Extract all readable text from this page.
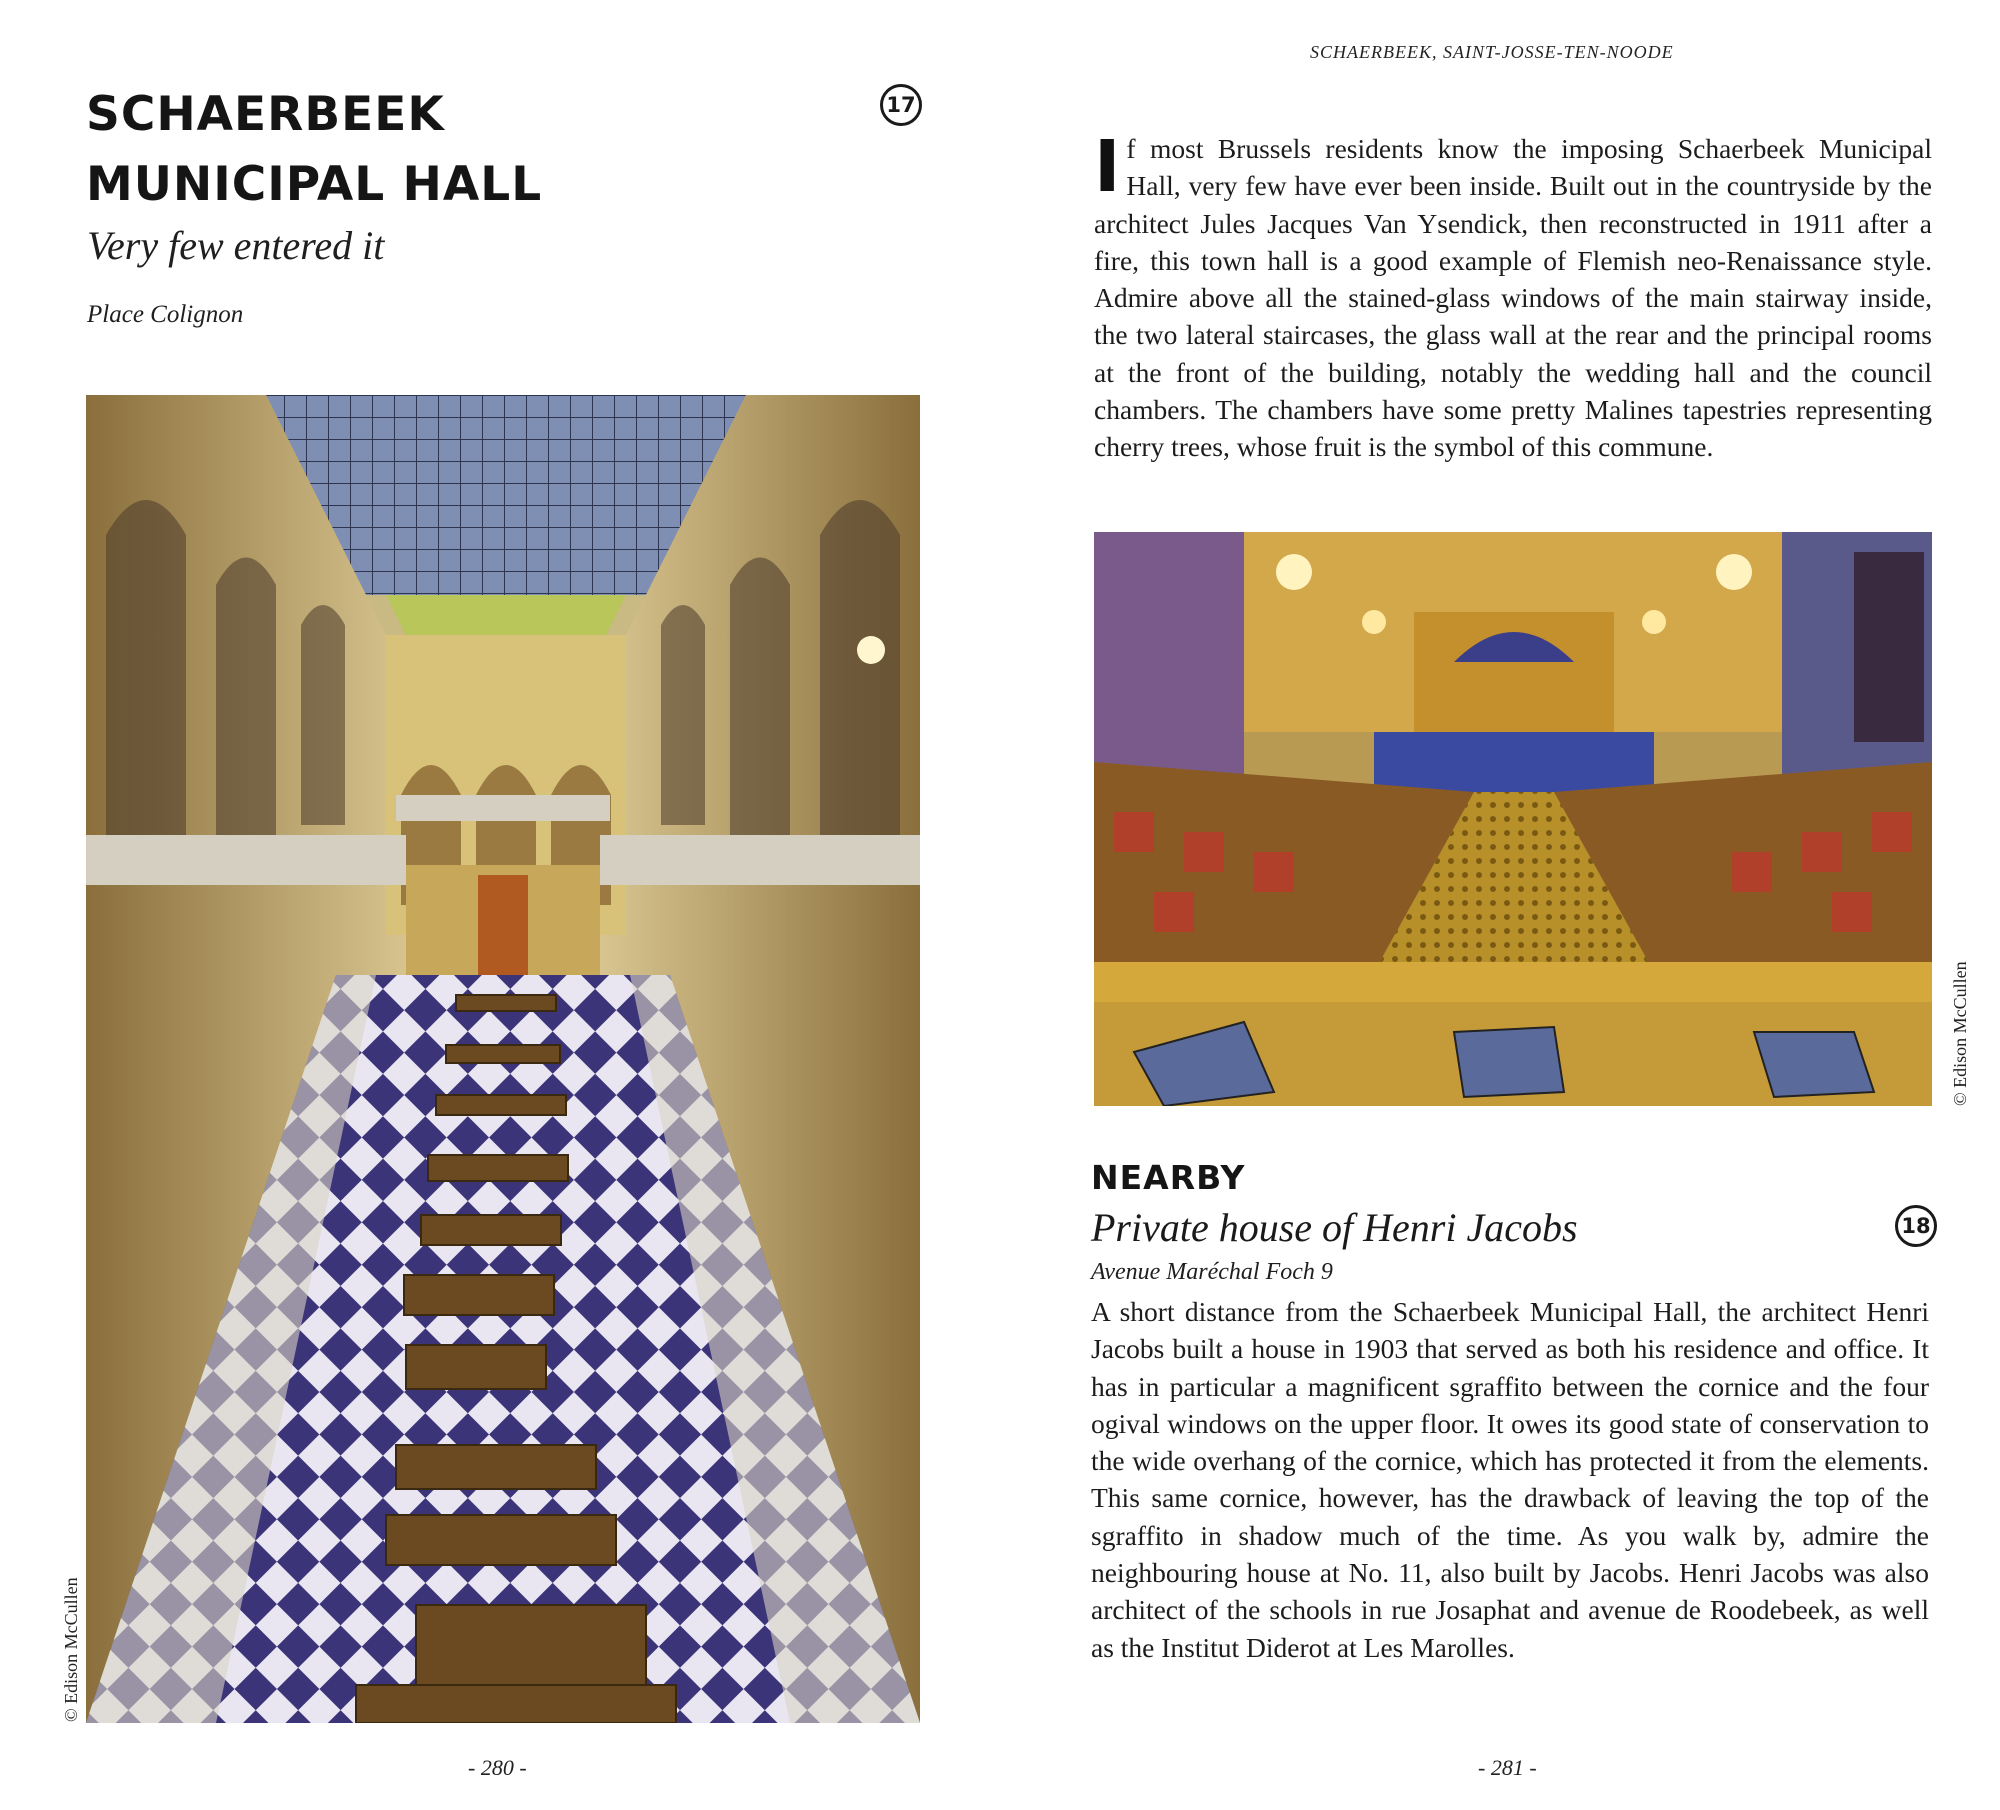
SCHAERBEEK
MUNICIPAL HALL
17
Very few entered it
Place Colignon
© Edison McCullen
- 280 -
SCHAERBEEK, SAINT-JOSSE-TEN-NOODE
I f most Brussels residents know the imposing Schaerbeek Municipal Hall, very few have ever been inside. Built out in the countryside by the architect Jules Jacques Van Ysendick, then reconstructed in 1911 after a fire, this town hall is a good example of Flemish neo-Renaissance style. Admire above all the stained-glass windows of the main stairway inside, the two lateral staircases, the glass wall at the rear and the principal rooms at the front of the building, notably the wedding hall and the council chambers. The chambers have some pretty Malines tapestries representing cherry trees, whose fruit is the symbol of this commune.
© Edison McCullen
NEARBY
Private house of Henri Jacobs	18
Avenue Maréchal Foch 9
A short distance from the Schaerbeek Municipal Hall, the architect Henri Jacobs built a house in 1903 that served as both his residence and office. It has in particular a magnificent sgraffito between the cornice and the four ogival windows on the upper floor. It owes its good state of conservation to the wide overhang of the cornice, which has protected it from the elements. This same cornice, however, has the drawback of leaving the top of the sgraffito in shadow much of the time. As you walk by, admire the neighbouring house at No. 11, also built by Jacobs. Henri Jacobs was also architect of the schools in rue Josaphat and avenue de Roodebeek, as well as the Institut Diderot at Les Marolles.
- 281 -
